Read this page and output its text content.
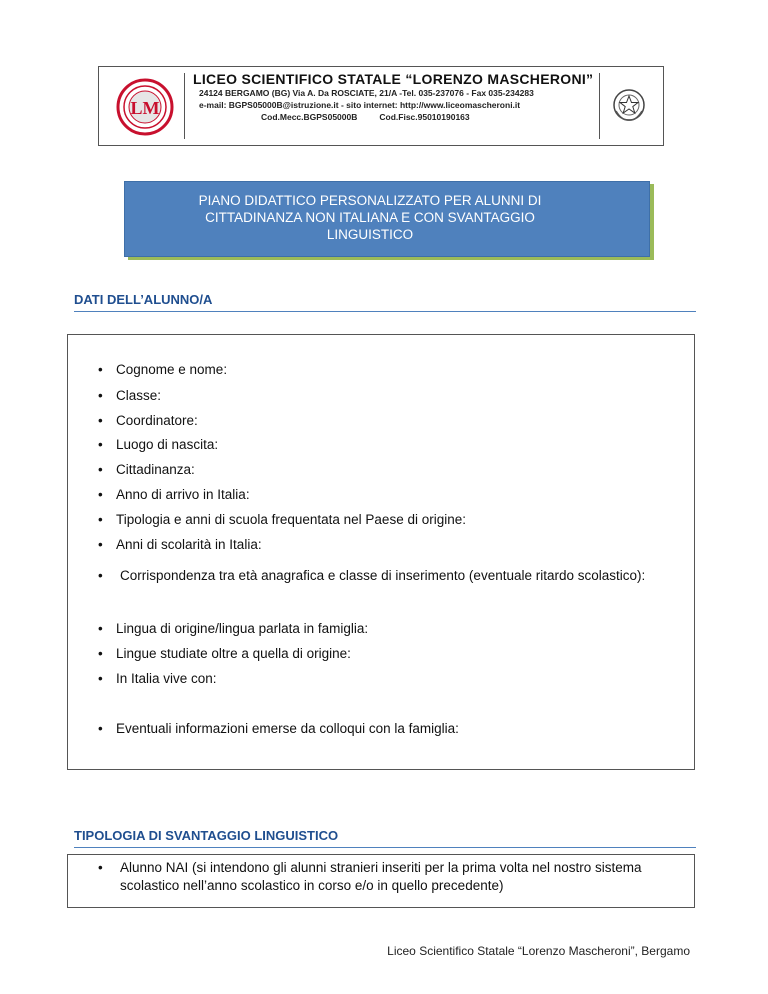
LM
LICEO SCIENTIFICO STATALE “LORENZO MASCHERONI”
24124 BERGAMO (BG) Via A. Da ROSCIATE, 21/A -Tel. 035-237076 - Fax 035-234283
e-mail: BGPS05000B@istruzione.it - sito internet: http://www.liceomascheroni.it
Cod.Mecc.BGPS05000B	Cod.Fisc.95010190163
PIANO DIDATTICO PERSONALIZZATO PER ALUNNI DI
CITTADINANZA NON ITALIANA E CON SVANTAGGIO
LINGUISTICO
DATI DELL’ALUNNO/A
• Cognome e nome:
• Classe:
• Coordinatore:
• Luogo di nascita:
• Cittadinanza:
• Anno di arrivo in Italia:
• Tipologia e anni di scuola frequentata nel Paese di origine:
• Anni di scolarità in Italia:
• Corrispondenza tra età anagrafica e classe di inserimento (eventuale ritardo scolastico):
• Lingua di origine/lingua parlata in famiglia:
• Lingue studiate oltre a quella di origine:
• In Italia vive con:
• Eventuali informazioni emerse da colloqui con la famiglia:
TIPOLOGIA DI SVANTAGGIO LINGUISTICO
• Alunno NAI (si intendono gli alunni stranieri inseriti per la prima volta nel nostro sistema scolastico nell’anno scolastico in corso e/o in quello precedente)
Liceo Scientifico Statale “Lorenzo Mascheroni”, Bergamo
